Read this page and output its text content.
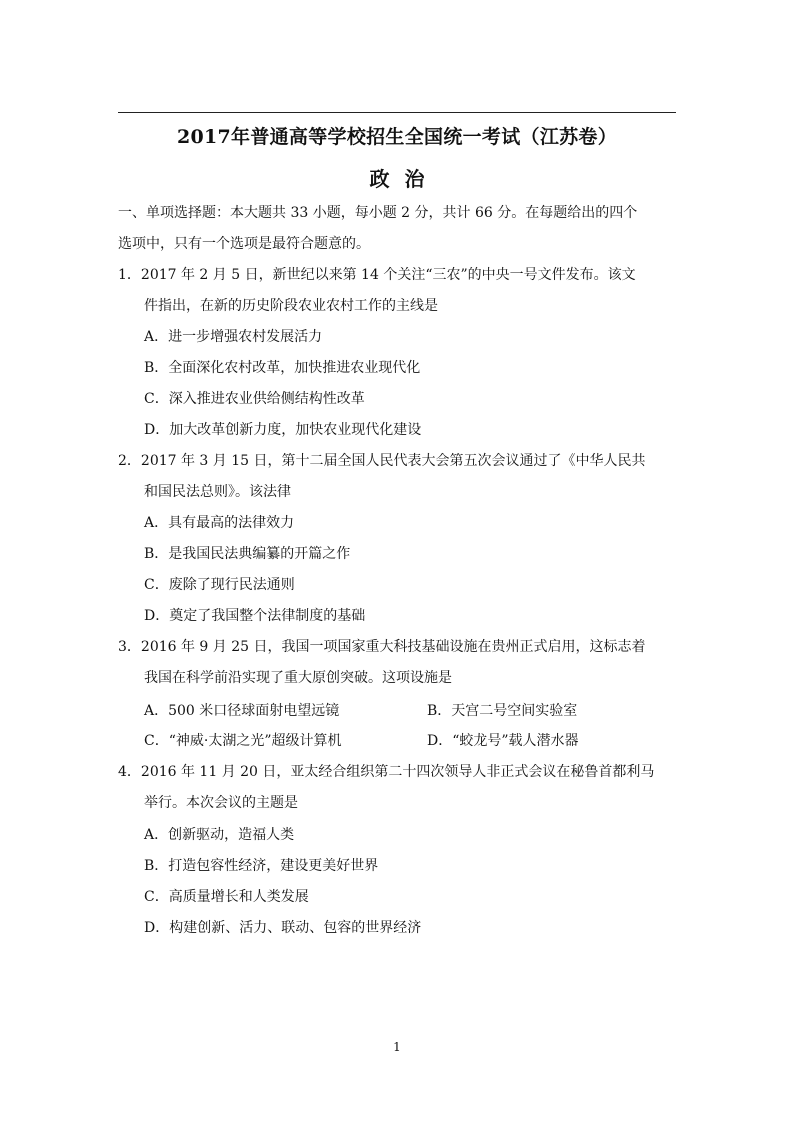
2017年普通高等学校招生全国统一考试（江苏卷）
政 治
一、单项选择题：本大题共 33 小题，每小题 2 分，共计 66 分。在每题给出的四个
选项中，只有一个选项是最符合题意的。
1．2017 年 2 月 5 日，新世纪以来第 14 个关注“三农”的中央一号文件发布。该文
件指出，在新的历史阶段农业农村工作的主线是
A．进一步增强农村发展活力
B．全面深化农村改革，加快推进农业现代化
C．深入推进农业供给侧结构性改革
D．加大改革创新力度，加快农业现代化建设
2．2017 年 3 月 15 日，第十二届全国人民代表大会第五次会议通过了《中华人民共
和国民法总则》。该法律
A．具有最高的法律效力
B．是我国民法典编纂的开篇之作
C．废除了现行民法通则
D．奠定了我国整个法律制度的基础
3．2016 年 9 月 25 日，我国一项国家重大科技基础设施在贵州正式启用，这标志着
我国在科学前沿实现了重大原创突破。这项设施是
A．500 米口径球面射电望远镜	B．天宫二号空间实验室
C．“神威·太湖之光”超级计算机	D．“蛟龙号”载人潜水器
4．2016 年 11 月 20 日，亚太经合组织第二十四次领导人非正式会议在秘鲁首都利马
举行。本次会议的主题是
A．创新驱动，造福人类
B．打造包容性经济，建设更美好世界
C．高质量增长和人类发展
D．构建创新、活力、联动、包容的世界经济
1
